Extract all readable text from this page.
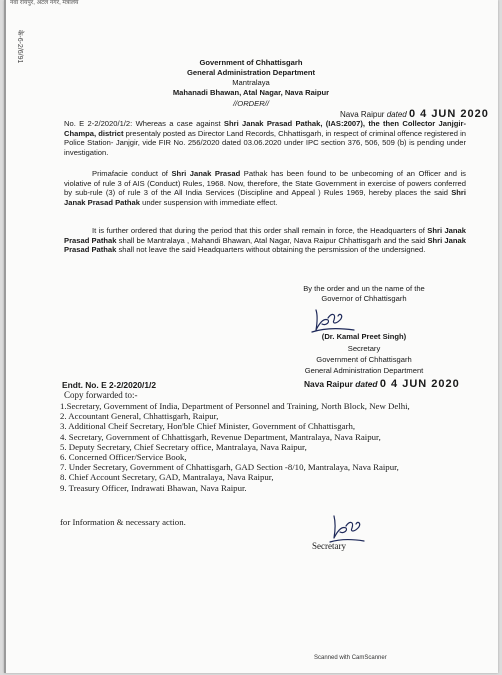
नवा रायपुर, अटल नगर, मंत्रालय
के-6-2/6/91	Government of Chhattisgarh
General Administration Department
Mantralaya
Mahanadi Bhawan, Atal Nagar, Nava Raipur
//ORDER//
Nava Raipur dated 0 4 JUN 2020

No. E 2-2/2020/1/2: Whereas a case against Shri Janak Prasad Pathak, (IAS:2007), the then Collector Janjgir-Champa, district presentaly posted as Director Land Records, Chhattisgarh, in respect of criminal offence registered in Police Station- Janjgir, vide FIR No. 256/2020 dated 03.06.2020 under IPC section 376, 506, 509 (b) is pending under investigation.

Primafacie conduct of Shri Janak Prasad Pathak has been found to be unbecoming of an Officer and is violative of rule 3 of AIS (Conduct) Rules, 1968. Now, therefore, the State Government in exercise of powers conferred by sub-rule (3) of rule 3 of the All India Services (Discipline and Appeal ) Rules 1969, hereby places the said Shri Janak Prasad Pathak under suspension with immediate effect.

It is further ordered that during the period that this order shall remain in force, the Headquarters of Shri Janak Prasad Pathak shall be Mantralaya , Mahandi Bhawan, Atal Nagar, Nava Raipur Chhattisgarh and the said Shri Janak Prasad Pathak shall not leave the said Headquarters without obtaining the persmission of the undersigned.

By the order and un the name of the
Governor of Chhattisgarh
(Dr. Kamal Preet Singh)
Secretary
Government of Chhattisgarh
General Administration Department
Endt. No. E 2-2/2020/1/2	Nava Raipur dated 0 4 JUN 2020
Copy forwarded to:-
1.Secretary, Government of India, Department of Personnel and Training, North Block, New Delhi,
2. Accountant General, Chhattisgarh, Raipur,
3. Additional Cheif Secretary, Hon'ble Chief Minister, Government of Chhattisgarh,
4. Secretary, Government of Chhattisgarh, Revenue Department, Mantralaya, Nava Raipur,
5. Deputy Secretary, Chief Secretary office, Mantralaya, Nava Raipur,
6. Concerned Officer/Service Book,
7. Under Secretary, Government of Chhattisgarh, GAD Section -8/10, Mantralaya, Nava Raipur,
8. Chief Account Secretary, GAD, Mantralaya, Nava Raipur,
9. Treasury Officer, Indrawati Bhawan, Nava Raipur.
for Information & necessary action.
Secretary
Scanned with CamScanner
